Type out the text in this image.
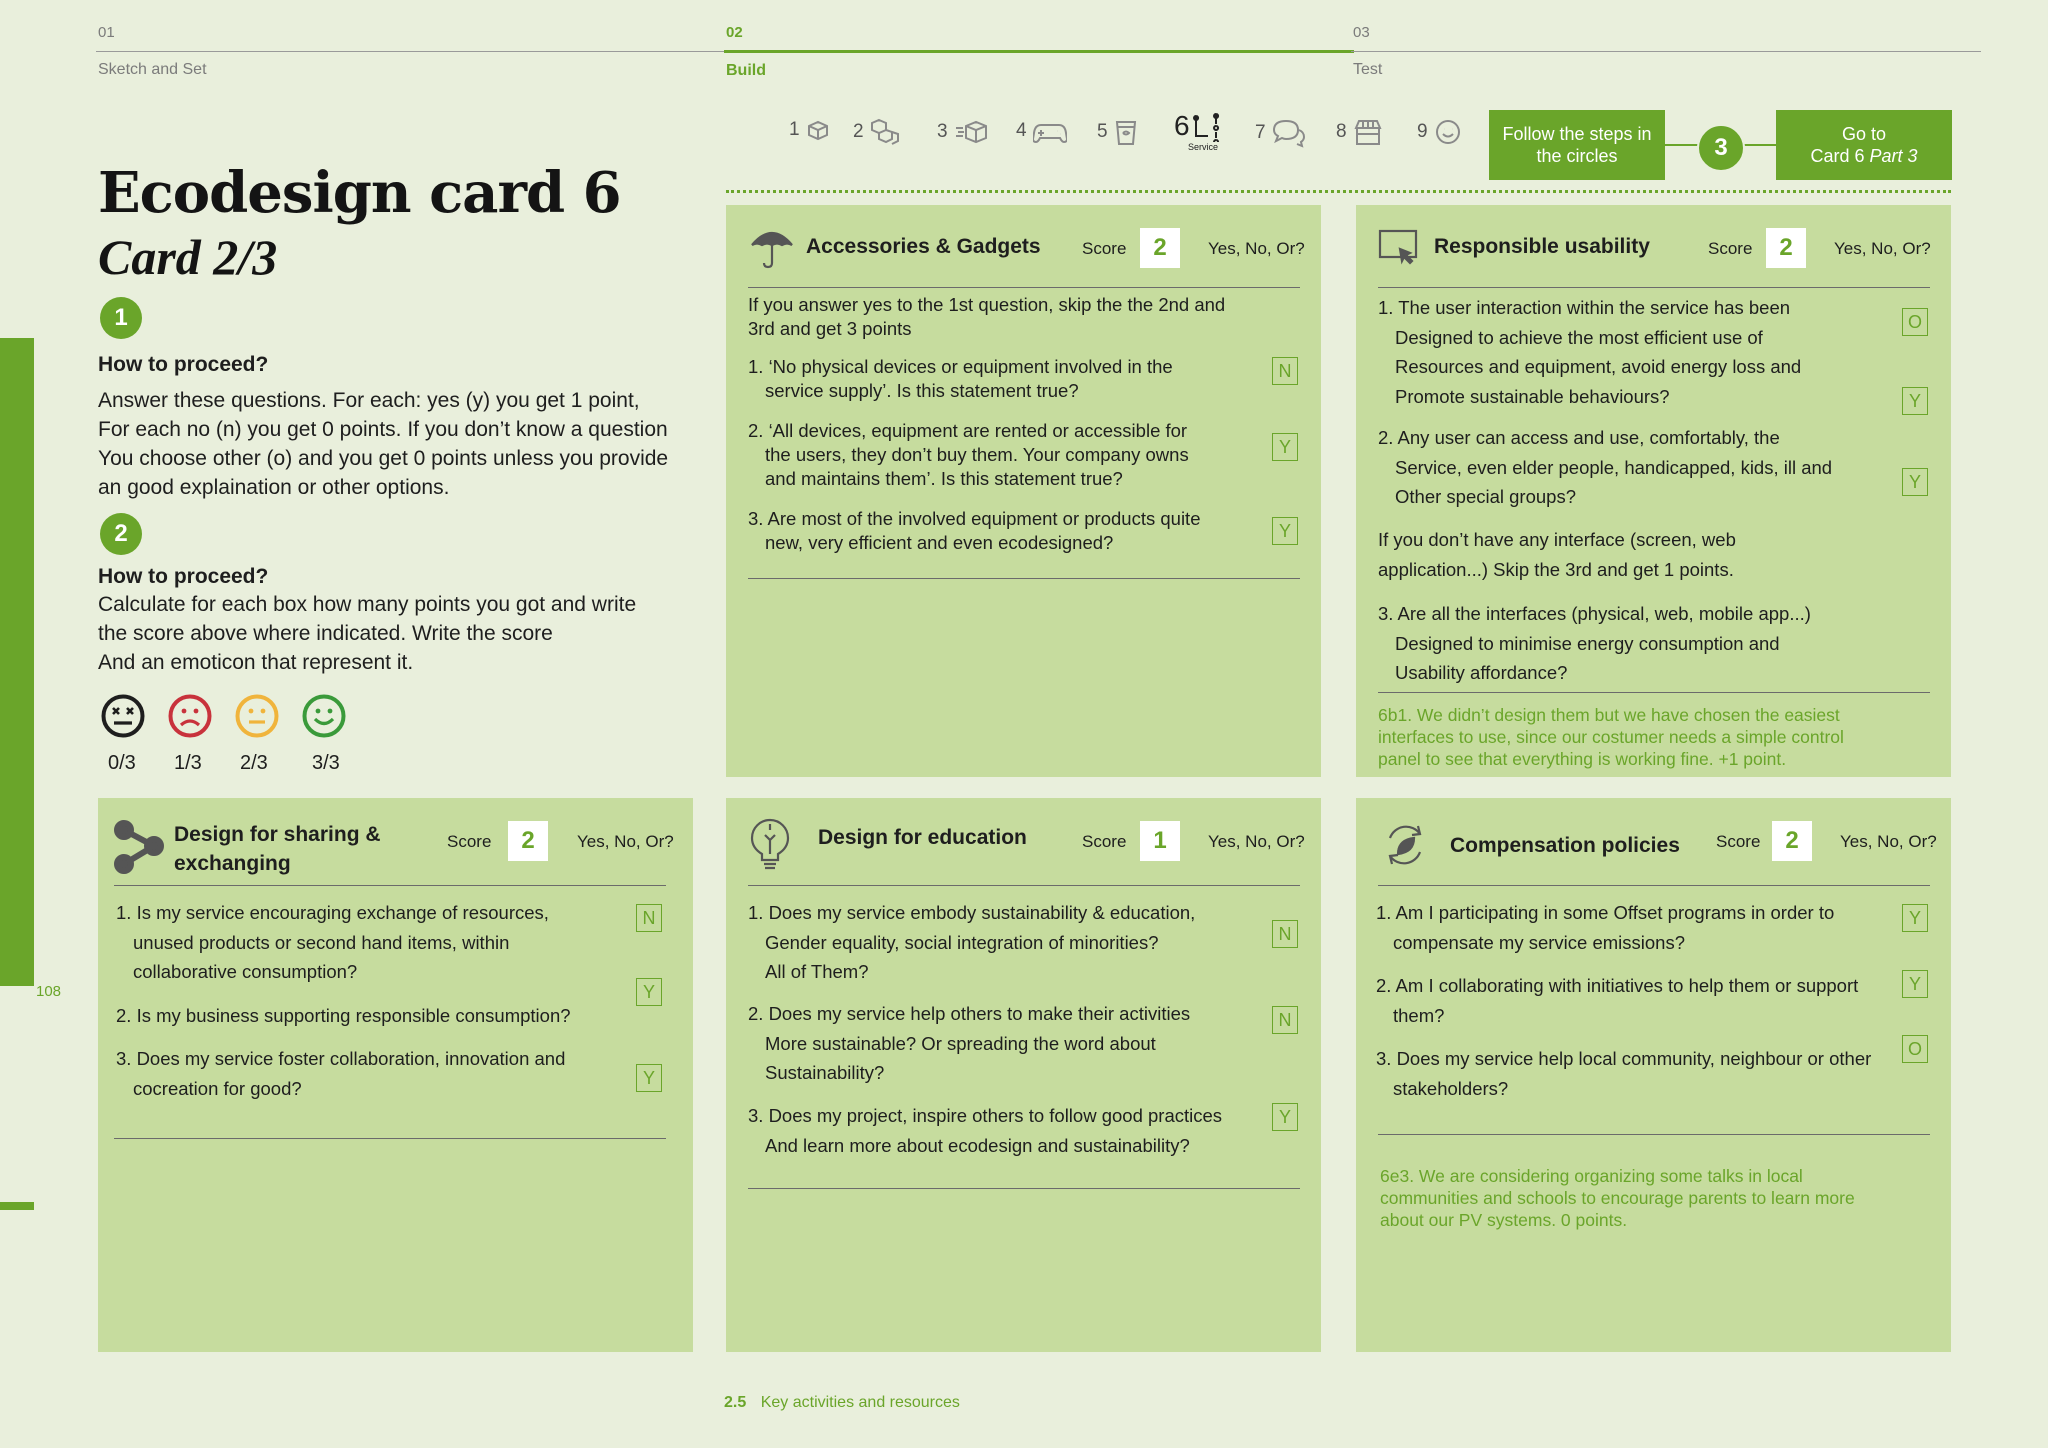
01
Sketch and Set
02
Build
03
Test
108
Ecodesign card 6
Card 2/3
1
How to proceed?
Answer these questions. For each: yes (y) you get 1 point,
For each no (n) you get 0 points. If you don’t know a question
You choose other (o) and you get 0 points unless you provide
an good explaination or other options.
2
How to proceed?
Calculate for each box how many points you got and write
the score above where indicated. Write the score
And an emoticon that represent it.
0/3 1/3 2/3 3/3
1	2	3	4	5 6
Service
7	8	9	Follow the steps in the circles	3	Go to
Card 6 Part 3
Accessories & Gadgets Score	2	Yes, No, Or?
If you answer yes to the 1st question, skip the the 2nd and
3rd and get 3 points
1. ‘No physical devices or equipment involved in the
service supply’. Is this statement true?
N
2. ‘All devices, equipment are rented or accessible for
the users, they don’t buy them. Your company owns
and maintains them’. Is this statement true?
Y
3. Are most of the involved equipment or products quite
new, very efficient and even ecodesigned?
Y
Responsible usability	Score	2	Yes, No, Or?
1. The user interaction within the service has been
Designed to achieve the most efficient use of
Resources and equipment, avoid energy loss and
Promote sustainable behaviours?
O
Y
2. Any user can access and use, comfortably, the
Service, even elder people, handicapped, kids, ill and
Other special groups?
Y
If you don’t have any interface (screen, web
application...) Skip the 3rd and get 1 points.
3. Are all the interfaces (physical, web, mobile app...)
Designed to minimise energy consumption and
Usability affordance?
6b1. We didn’t design them but we have chosen the easiest
interfaces to use, since our costumer needs a simple control
panel to see that everything is working fine. +1 point.
Design for sharing &
exchanging
Score	2	Yes, No, Or?
1. Is my service encouraging exchange of resources,
unused products or second hand items, within
collaborative consumption?
N
Y
2. Is my business supporting responsible consumption?
3. Does my service foster collaboration, innovation and
cocreation for good?	Y
Design for education	Score	1	Yes, No, Or?
1. Does my service embody sustainability & education,
Gender equality, social integration of minorities?
All of Them?
N
2. Does my service help others to make their activities
More sustainable? Or spreading the word about
Sustainability?
N
3. Does my project, inspire others to follow good practices
And learn more about ecodesign and sustainability?
Y
Compensation policies Score	2	Yes, No, Or?
1. Am I participating in some Offset programs in order to
compensate my service emissions?
Y
2. Am I collaborating with initiatives to help them or support
them?
Y
3. Does my service help local community, neighbour or other
stakeholders?
O
6e3. We are considering organizing some talks in local
communities and schools to encourage parents to learn more
about our PV systems. 0 points.
2.5 Key activities and resources
